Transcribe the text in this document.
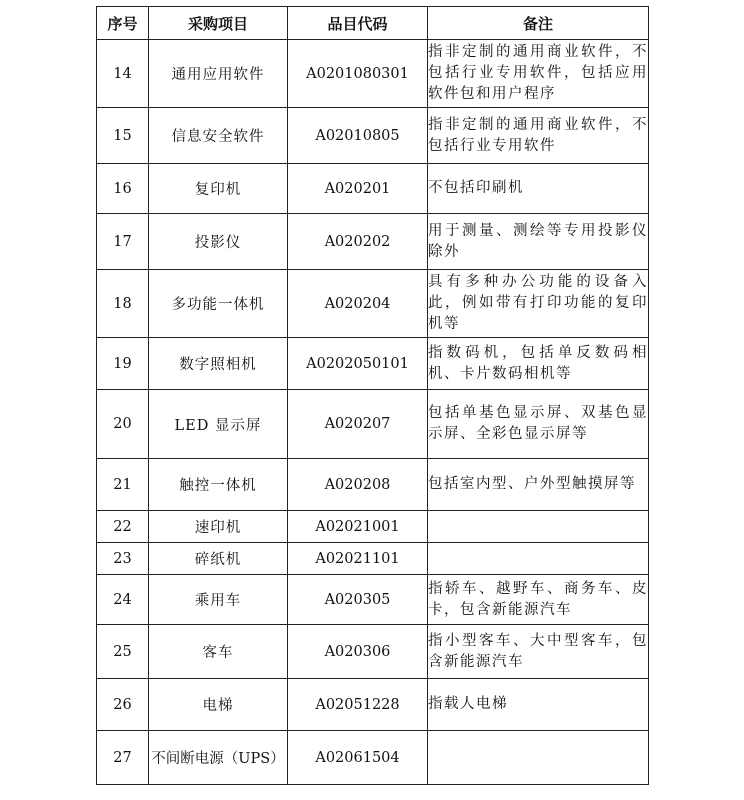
序号	采购项目	品目代码	备注
14	通用应用软件	A0201080301	指非定制的通用商业软件，不包括行业专用软件，包括应用软件包和用户程序
15	信息安全软件	A02010805	指非定制的通用商业软件，不包括行业专用软件
16	复印机	A020201	不包括印刷机
17	投影仪	A020202	用于测量、测绘等专用投影仪除外
18	多功能一体机	A020204	具有多种办公功能的设备入此，例如带有打印功能的复印机等
19	数字照相机	A0202050101	指数码机，包括单反数码相机、卡片数码相机等
20	LED 显示屏	A020207	包括单基色显示屏、双基色显示屏、全彩色显示屏等
21	触控一体机	A020208	包括室内型、户外型触摸屏等
22	速印机	A02021001	
23	碎纸机	A02021101	
24	乘用车	A020305	指轿车、越野车、商务车、皮卡，包含新能源汽车
25	客车	A020306	指小型客车、大中型客车，包含新能源汽车
26	电梯	A02051228	指载人电梯
27	不间断电源（UPS）	A02061504	
